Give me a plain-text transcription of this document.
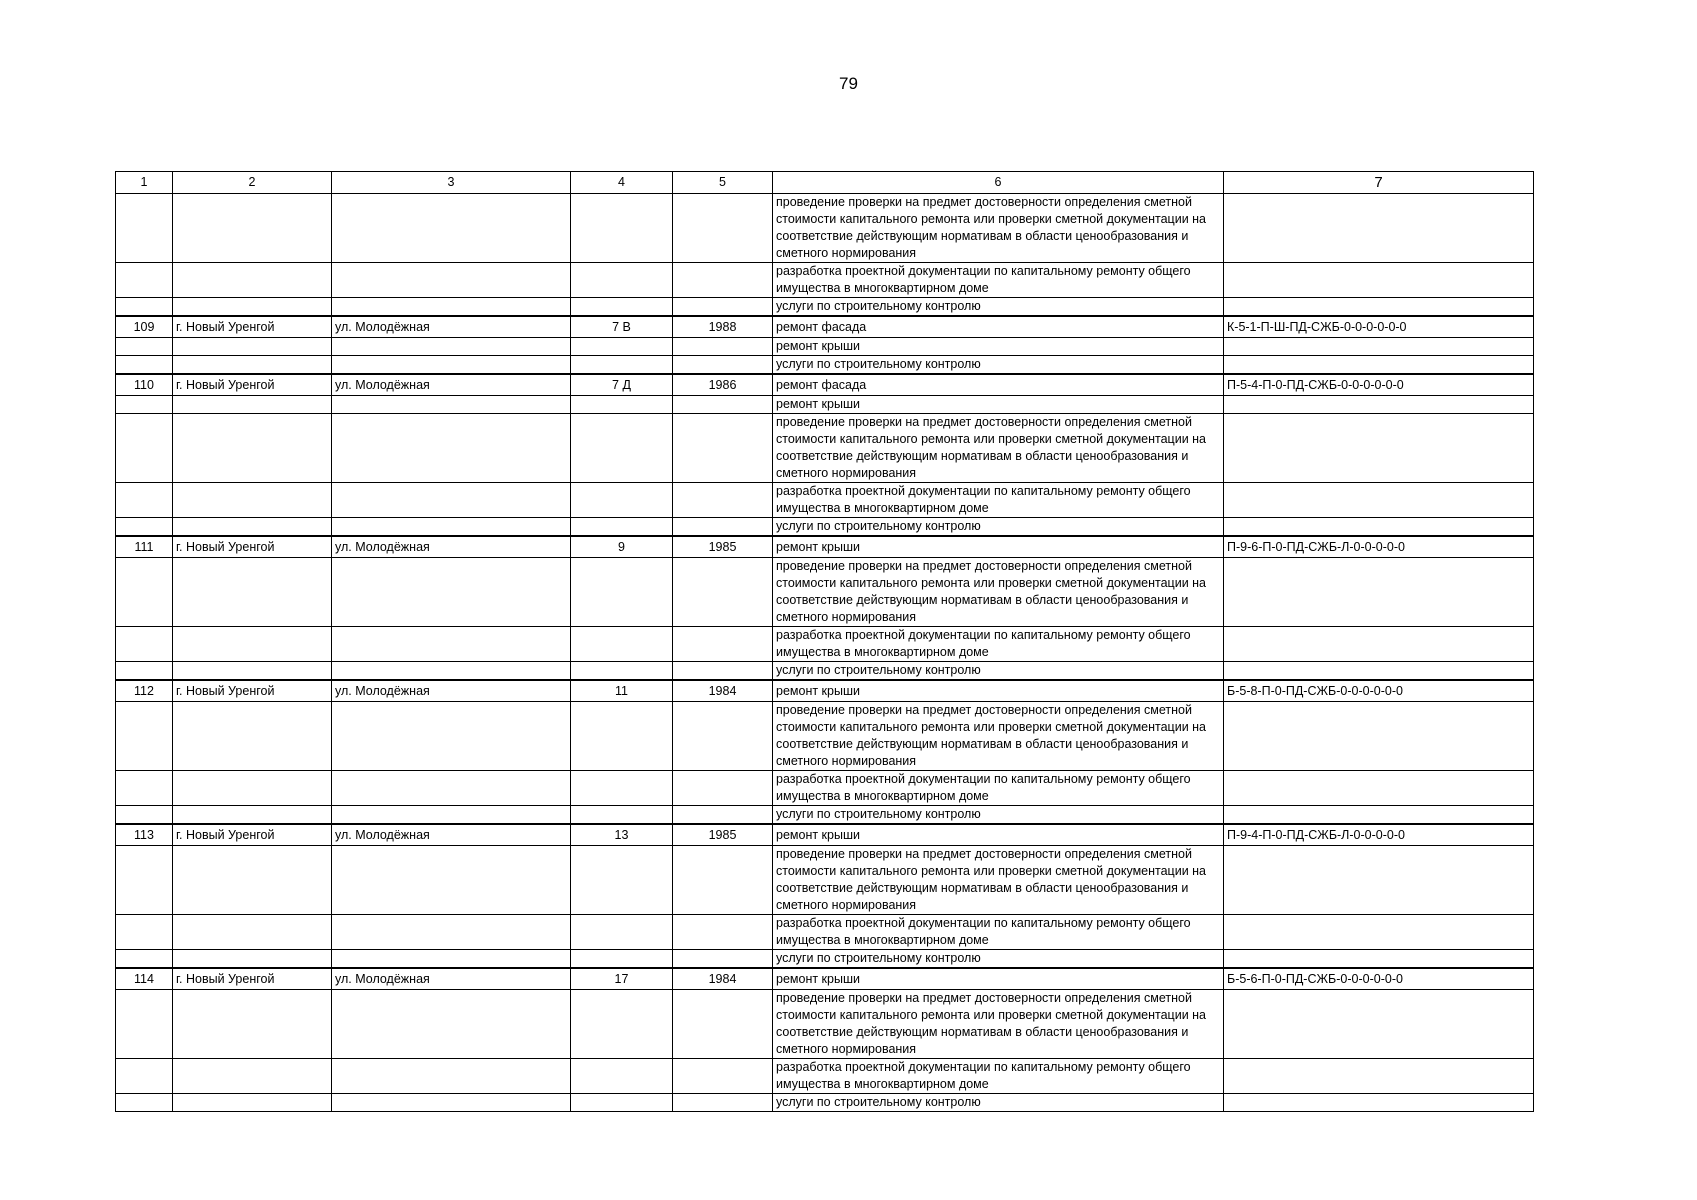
79
1	2	3	4	5	6	7
					проведение проверки на предмет достоверности определения сметной стоимости капитального ремонта или проверки сметной документации на соответствие действующим нормативам в области ценообразования и сметного нормирования	
					разработка проектной документации по капитальному ремонту общего имущества в многоквартирном доме	
					услуги по строительному контролю	
109	г. Новый Уренгой	ул. Молодёжная	7 В	1988	ремонт фасада	К-5-1-П-Ш-ПД-СЖБ-0-0-0-0-0-0
					ремонт крыши	
					услуги по строительному контролю	
110	г. Новый Уренгой	ул. Молодёжная	7 Д	1986	ремонт фасада	П-5-4-П-0-ПД-СЖБ-0-0-0-0-0-0
					ремонт крыши	
					проведение проверки на предмет достоверности определения сметной стоимости капитального ремонта или проверки сметной документации на соответствие действующим нормативам в области ценообразования и сметного нормирования	
					разработка проектной документации по капитальному ремонту общего имущества в многоквартирном доме	
					услуги по строительному контролю	
111	г. Новый Уренгой	ул. Молодёжная	9	1985	ремонт крыши	П-9-6-П-0-ПД-СЖБ-Л-0-0-0-0-0
					проведение проверки на предмет достоверности определения сметной стоимости капитального ремонта или проверки сметной документации на соответствие действующим нормативам в области ценообразования и сметного нормирования	
					разработка проектной документации по капитальному ремонту общего имущества в многоквартирном доме	
					услуги по строительному контролю	
112	г. Новый Уренгой	ул. Молодёжная	11	1984	ремонт крыши	Б-5-8-П-0-ПД-СЖБ-0-0-0-0-0-0
					проведение проверки на предмет достоверности определения сметной стоимости капитального ремонта или проверки сметной документации на соответствие действующим нормативам в области ценообразования и сметного нормирования	
					разработка проектной документации по капитальному ремонту общего имущества в многоквартирном доме	
					услуги по строительному контролю	
113	г. Новый Уренгой	ул. Молодёжная	13	1985	ремонт крыши	П-9-4-П-0-ПД-СЖБ-Л-0-0-0-0-0
					проведение проверки на предмет достоверности определения сметной стоимости капитального ремонта или проверки сметной документации на соответствие действующим нормативам в области ценообразования и сметного нормирования	
					разработка проектной документации по капитальному ремонту общего имущества в многоквартирном доме	
					услуги по строительному контролю	
114	г. Новый Уренгой	ул. Молодёжная	17	1984	ремонт крыши	Б-5-6-П-0-ПД-СЖБ-0-0-0-0-0-0
					проведение проверки на предмет достоверности определения сметной стоимости капитального ремонта или проверки сметной документации на соответствие действующим нормативам в области ценообразования и сметного нормирования	
					разработка проектной документации по капитальному ремонту общего имущества в многоквартирном доме	
					услуги по строительному контролю	
